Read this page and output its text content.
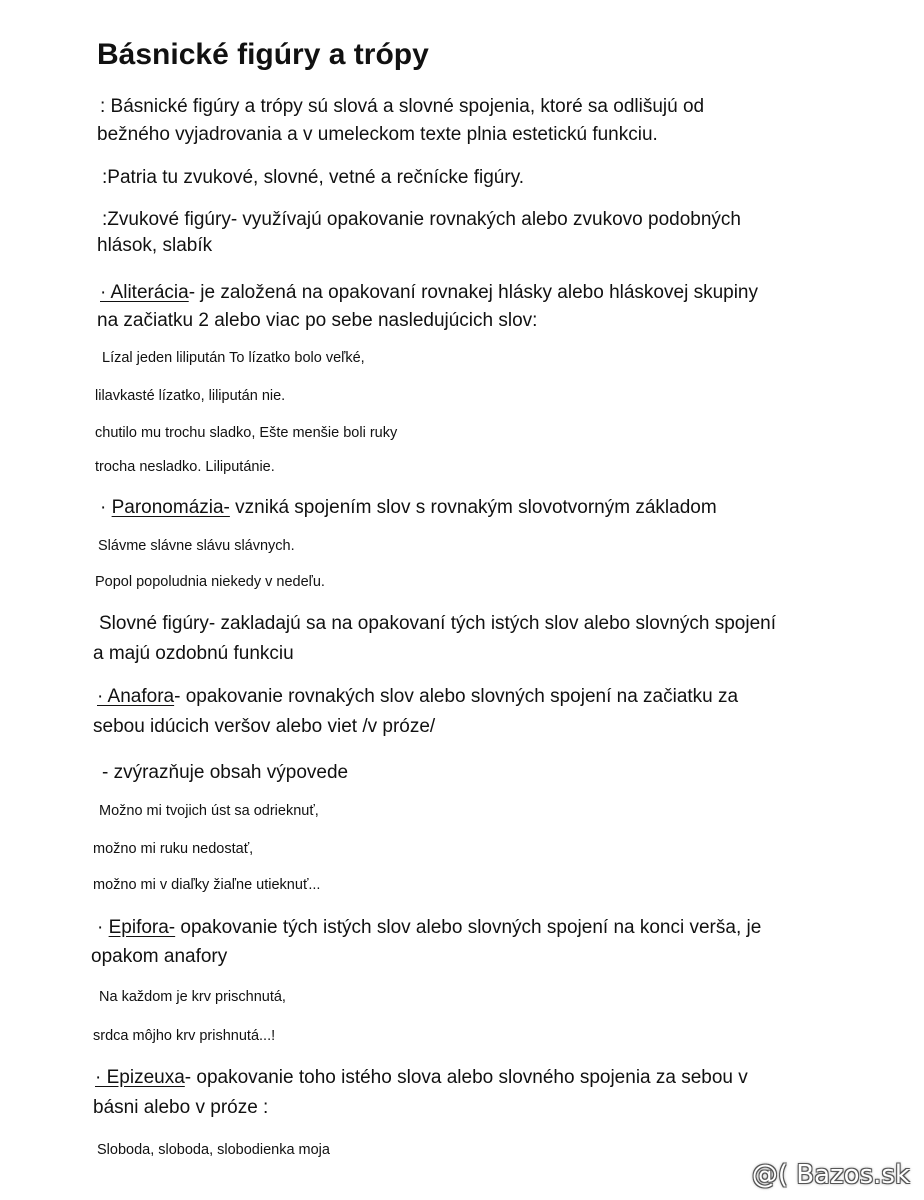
Básnické figúry a trópy
: Básnické figúry a trópy sú slová a slovné spojenia, ktoré sa odlišujú od
bežného vyjadrovania a v umeleckom texte plnia estetickú funkciu.
:Patria tu zvukové, slovné, vetné a rečnícke figúry.
:Zvukové figúry- využívajú opakovanie rovnakých alebo zvukovo podobných
hlások, slabík
· Aliterácia- je založená na opakovaní rovnakej hlásky alebo hláskovej skupiny
na začiatku 2 alebo viac po sebe nasledujúcich slov:
Lízal jeden lilipután To lízatko bolo veľké,
lilavkasté lízatko, lilipután nie.
chutilo mu trochu sladko, Ešte menšie boli ruky
trocha nesladko. Liliputánie.
· Paronomázia- vzniká spojením slov s rovnakým slovotvorným základom
Slávme slávne slávu slávnych.
Popol popoludnia niekedy v nedeľu.
Slovné figúry- zakladajú sa na opakovaní tých istých slov alebo slovných spojení
a majú ozdobnú funkciu
· Anafora- opakovanie rovnakých slov alebo slovných spojení na začiatku za
sebou idúcich veršov alebo viet /v próze/
- zvýrazňuje obsah výpovede
Možno mi tvojich úst sa odrieknuť,
možno mi ruku nedostať,
možno mi v diaľky žiaľne utieknuť...
· Epifora- opakovanie tých istých slov alebo slovných spojení na konci verša, je
opakom anafory
Na každom je krv prischnutá,
srdca môjho krv prishnutá...!
· Epizeuxa- opakovanie toho istého slova alebo slovného spojenia za sebou v
básni alebo v próze :
Sloboda, sloboda, slobodienka moja
@( Bazos.sk
